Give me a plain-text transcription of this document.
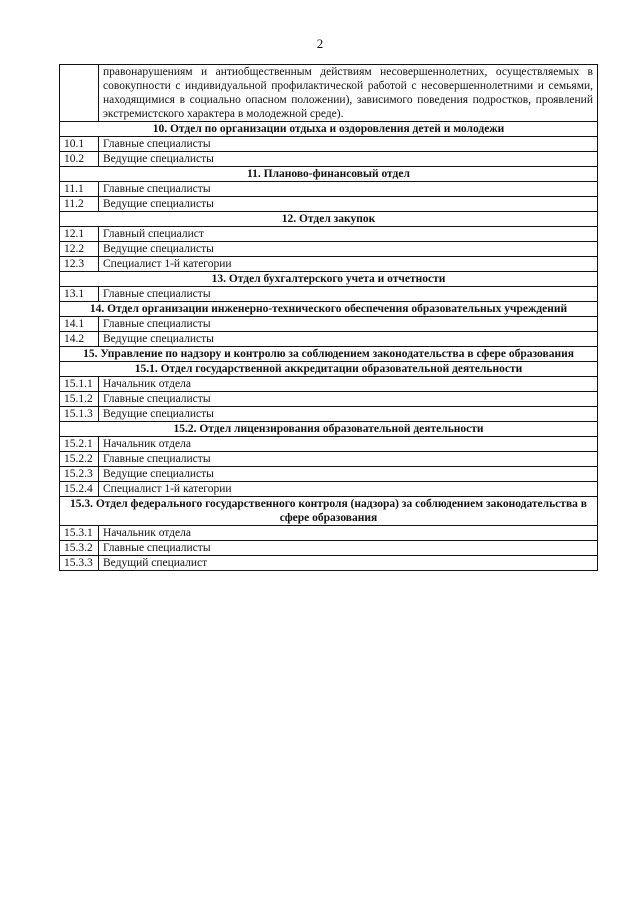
2

	правонарушениям и антиобщественным действиям несовершеннолетних, осуществляемых в совокупности с индивидуальной профилактической работой с несовершеннолетними и семьями, находящимися в социально опасном положении), зависимого поведения подростков, проявлений экстремистского характера в молодежной среде).

10. Отдел по организации отдыха и оздоровления детей и молодежи	
10.1	Главные специалисты
10.2	Ведущие специалисты
11. Планово-финансовый отдел	
11.1	Главные специалисты
11.2	Ведущие специалисты
12. Отдел закупок	
12.1	Главный специалист
12.2	Ведущие специалисты
12.3	Специалист 1-й категории
13. Отдел бухгалтерского учета и отчетности	
13.1	Главные специалисты
14. Отдел организации инженерно-технического обеспечения образовательных учреждений	
14.1	Главные специалисты
14.2	Ведущие специалисты
15. Управление по надзору и контролю за соблюдением законодательства в сфере образования	
15.1. Отдел государственной аккредитации образовательной деятельности	
15.1.1	Начальник отдела
15.1.2	Главные специалисты
15.1.3	Ведущие специалисты
15.2. Отдел лицензирования образовательной деятельности	
15.2.1	Начальник отдела
15.2.2	Главные специалисты
15.2.3	Ведущие специалисты
15.2.4	Специалист 1-й категории
15.3. Отдел федерального государственного контроля (надзора) за соблюдением законодательства в сфере образования	
15.3.1	Начальник отдела
15.3.2	Главные специалисты
15.3.3	Ведущий специалист
